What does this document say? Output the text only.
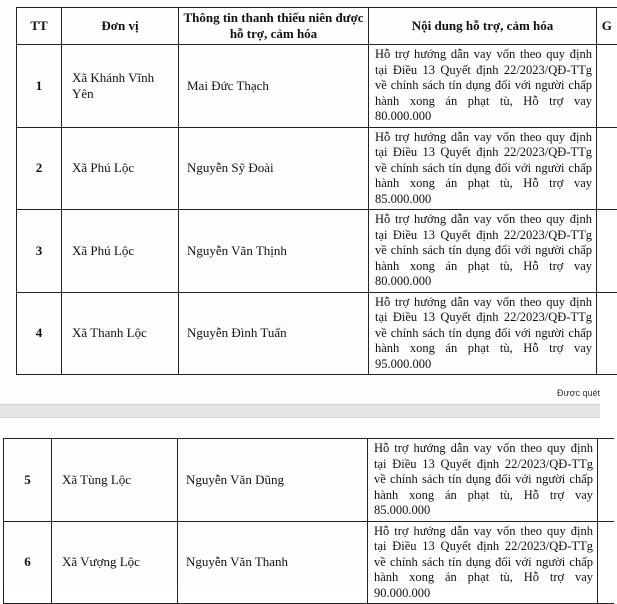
TT	Đơn vị	Thông tin thanh thiếu niên được hỗ trợ, cảm hóa	Nội dung hỗ trợ, cảm hóa	G
1	Xã Khánh Vĩnh Yên	Mai Đức Thạch	Hỗ trợ hướng dẫn vay vốn theo quy định tại Điều 13 Quyết định 22/2023/QĐ-TTg về chính sách tín dụng đối với người chấp hành xong án phạt tù, Hỗ trợ vay 80.000.000	
2	Xã Phú Lộc	Nguyễn Sỹ Đoài	Hỗ trợ hướng dẫn vay vốn theo quy định tại Điều 13 Quyết định 22/2023/QĐ-TTg về chính sách tín dụng đối với người chấp hành xong án phạt tù, Hỗ trợ vay 85.000.000	
3	Xã Phú Lộc	Nguyễn Văn Thịnh	Hỗ trợ hướng dẫn vay vốn theo quy định tại Điều 13 Quyết định 22/2023/QĐ-TTg về chính sách tín dụng đối với người chấp hành xong án phạt tù, Hỗ trợ vay 80.000.000	
4	Xã Thanh Lộc	Nguyễn Đình Tuấn	Hỗ trợ hướng dẫn vay vốn theo quy định tại Điều 13 Quyết định 22/2023/QĐ-TTg về chính sách tín dụng đối với người chấp hành xong án phạt tù, Hỗ trợ vay 95.000.000	
Được quét
5	Xã Tùng Lộc	Nguyễn Văn Dũng	Hỗ trợ hướng dẫn vay vốn theo quy định tại Điều 13 Quyết định 22/2023/QĐ-TTg về chính sách tín dụng đối với người chấp hành xong án phạt tù, Hỗ trợ vay 85.000.000	
6	Xã Vượng Lộc	Nguyễn Văn Thanh	Hỗ trợ hướng dẫn vay vốn theo quy định tại Điều 13 Quyết định 22/2023/QĐ-TTg về chính sách tín dụng đối với người chấp hành xong án phạt tù, Hỗ trợ vay 90.000.000	
